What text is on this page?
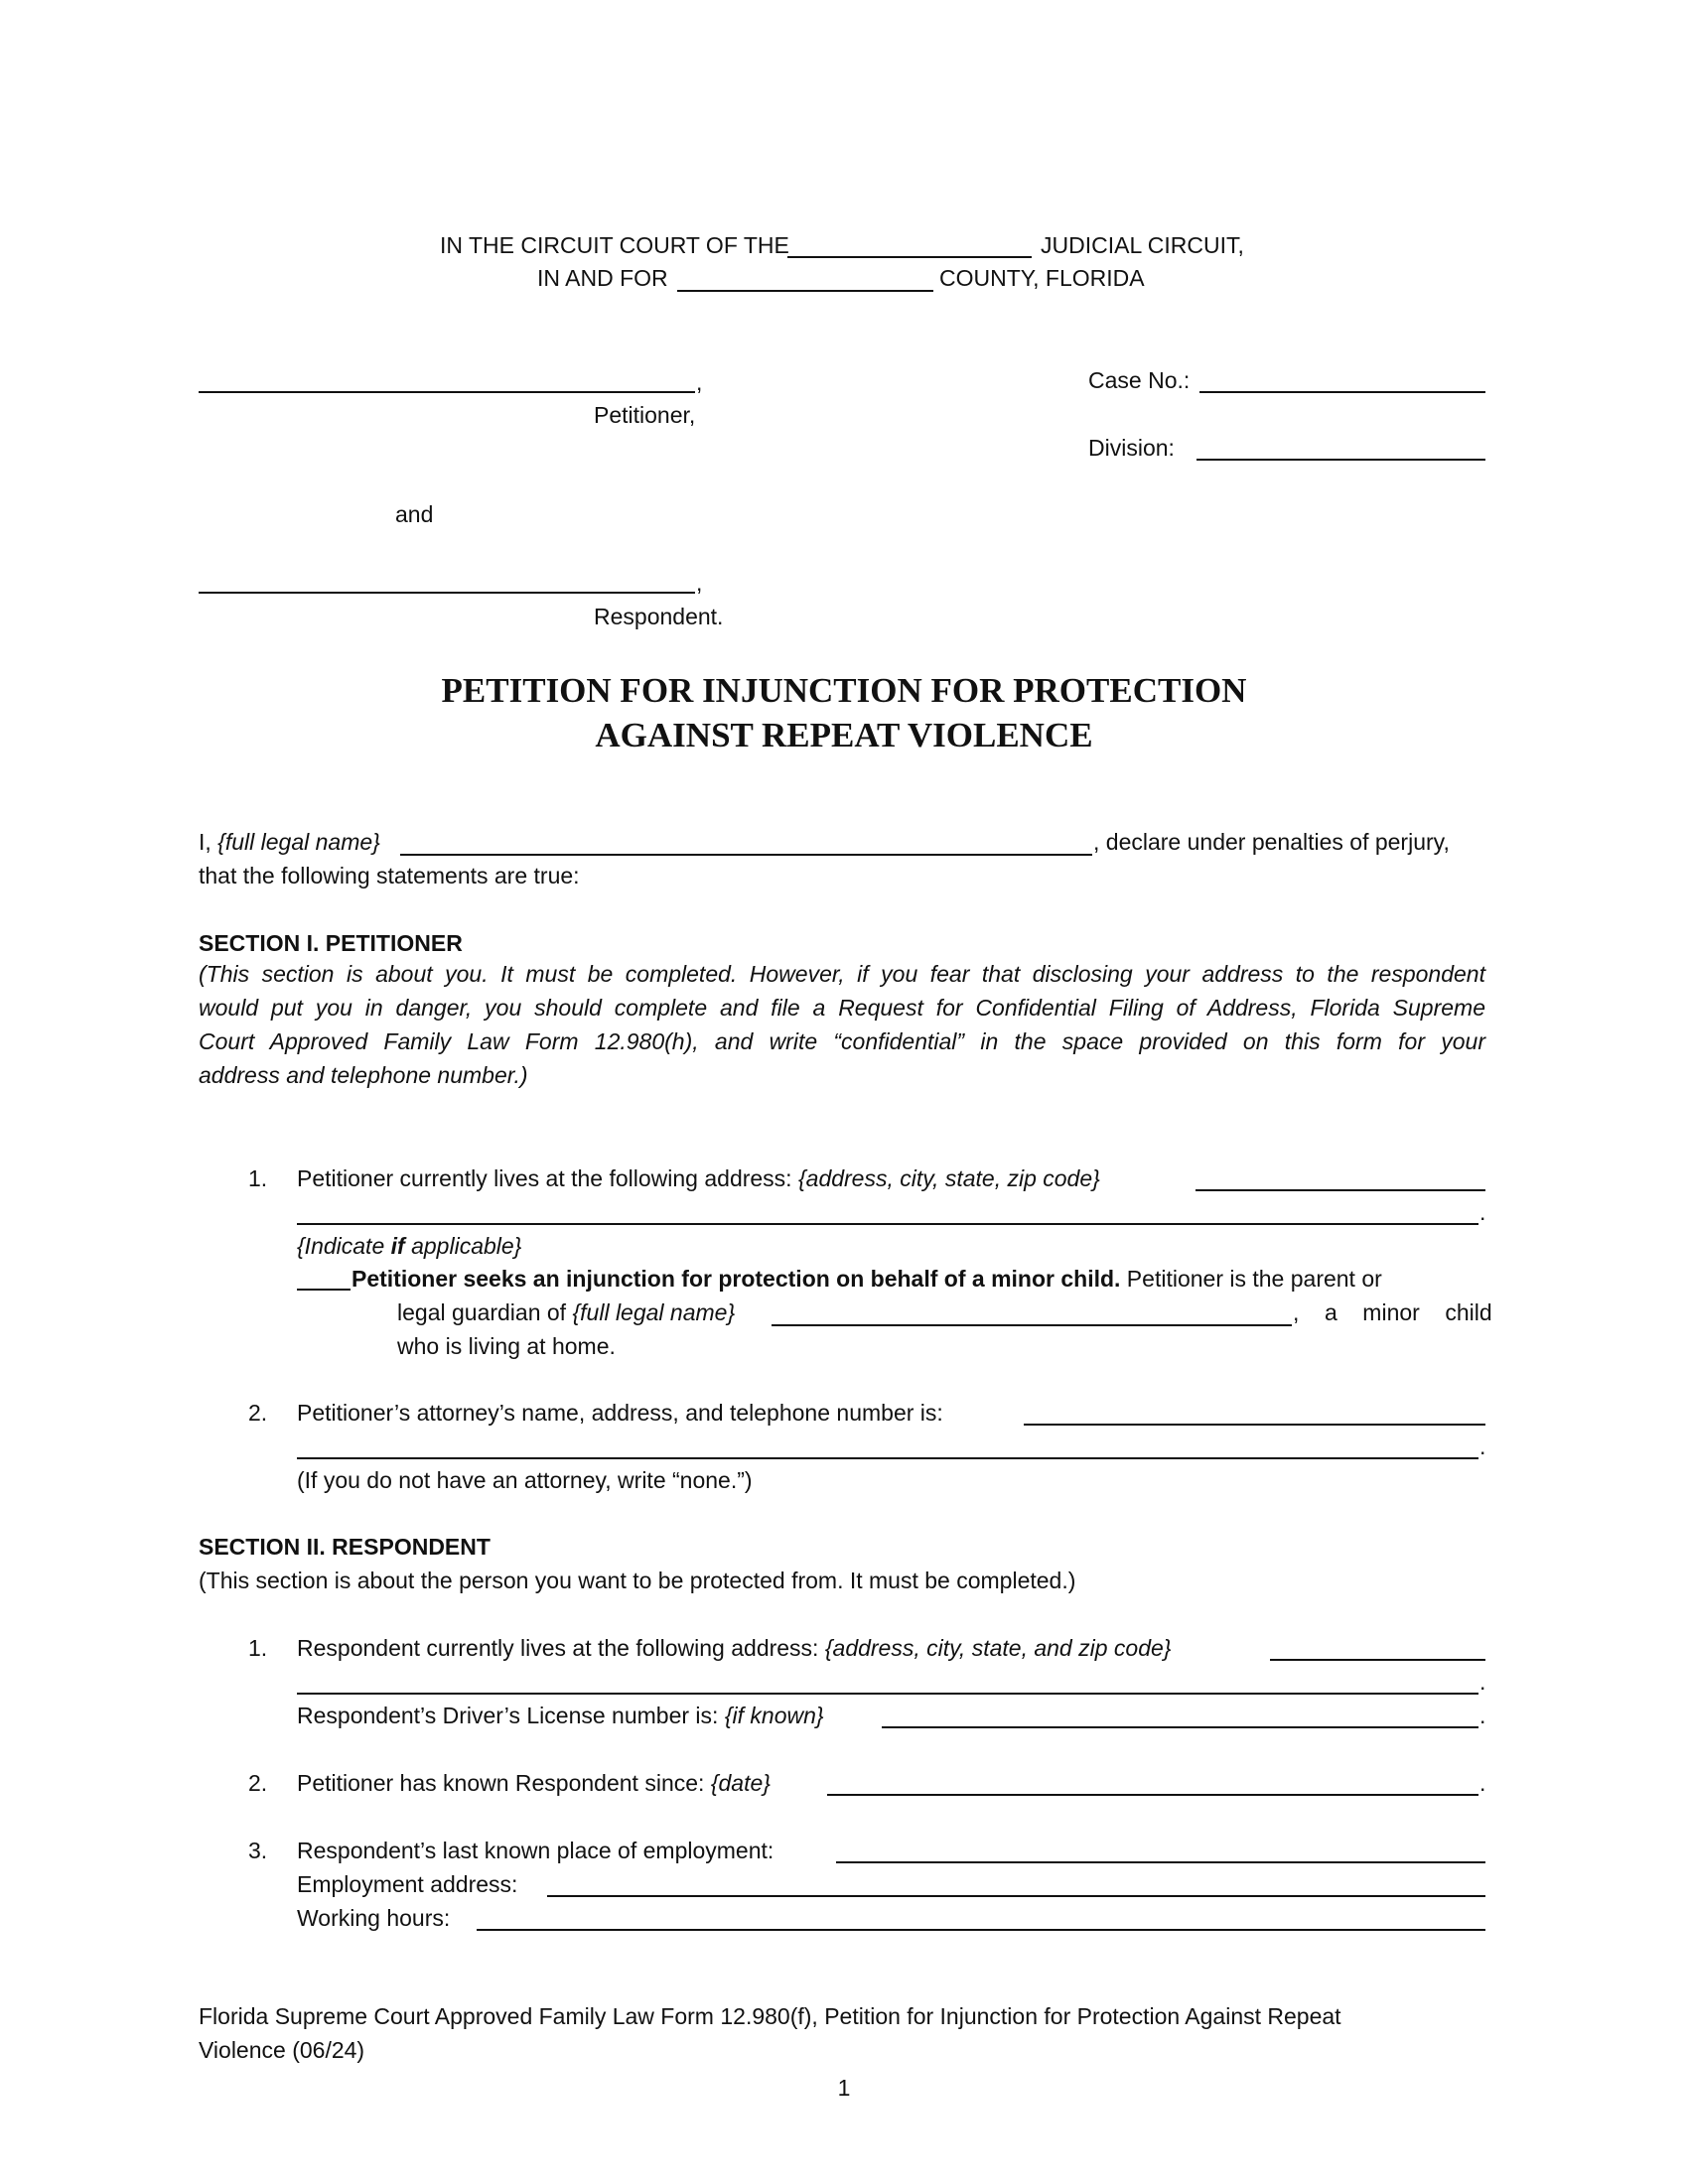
IN THE CIRCUIT COURT OF THE	JUDICIAL CIRCUIT,
IN AND FOR	COUNTY, FLORIDA
,
Petitioner,
Case No.:
Division:
and
,
Respondent.
PETITION FOR INJUNCTION FOR PROTECTION
AGAINST REPEAT VIOLENCE
I, {full legal name}	, declare under penalties of perjury,
that the following statements are true:
SECTION I. PETITIONER
(This section is about you. It must be completed. However, if you fear that disclosing your address to the respondent
would put you in danger, you should complete and file a Request for Confidential Filing of Address, Florida Supreme
Court Approved Family Law Form 12.980(h), and write “confidential” in the space provided on this form for your
address and telephone number.)
1. Petitioner currently lives at the following address: {address, city, state, zip code}
.
{Indicate if applicable}
Petitioner seeks an injunction for protection on behalf of a minor child. Petitioner is the parent or
legal guardian of {full legal name}	,    a    minor    child
who is living at home.
2. Petitioner’s attorney’s name, address, and telephone number is:
.
(If you do not have an attorney, write “none.”)
SECTION II. RESPONDENT
(This section is about the person you want to be protected from. It must be completed.)
1. Respondent currently lives at the following address: {address, city, state, and zip code}
.
Respondent’s Driver’s License number is: {if known}	.
2. Petitioner has known Respondent since: {date}	.
3. Respondent’s last known place of employment:
Employment address:
Working hours:
Florida Supreme Court Approved Family Law Form 12.980(f), Petition for Injunction for Protection Against Repeat
Violence (06/24)
1
